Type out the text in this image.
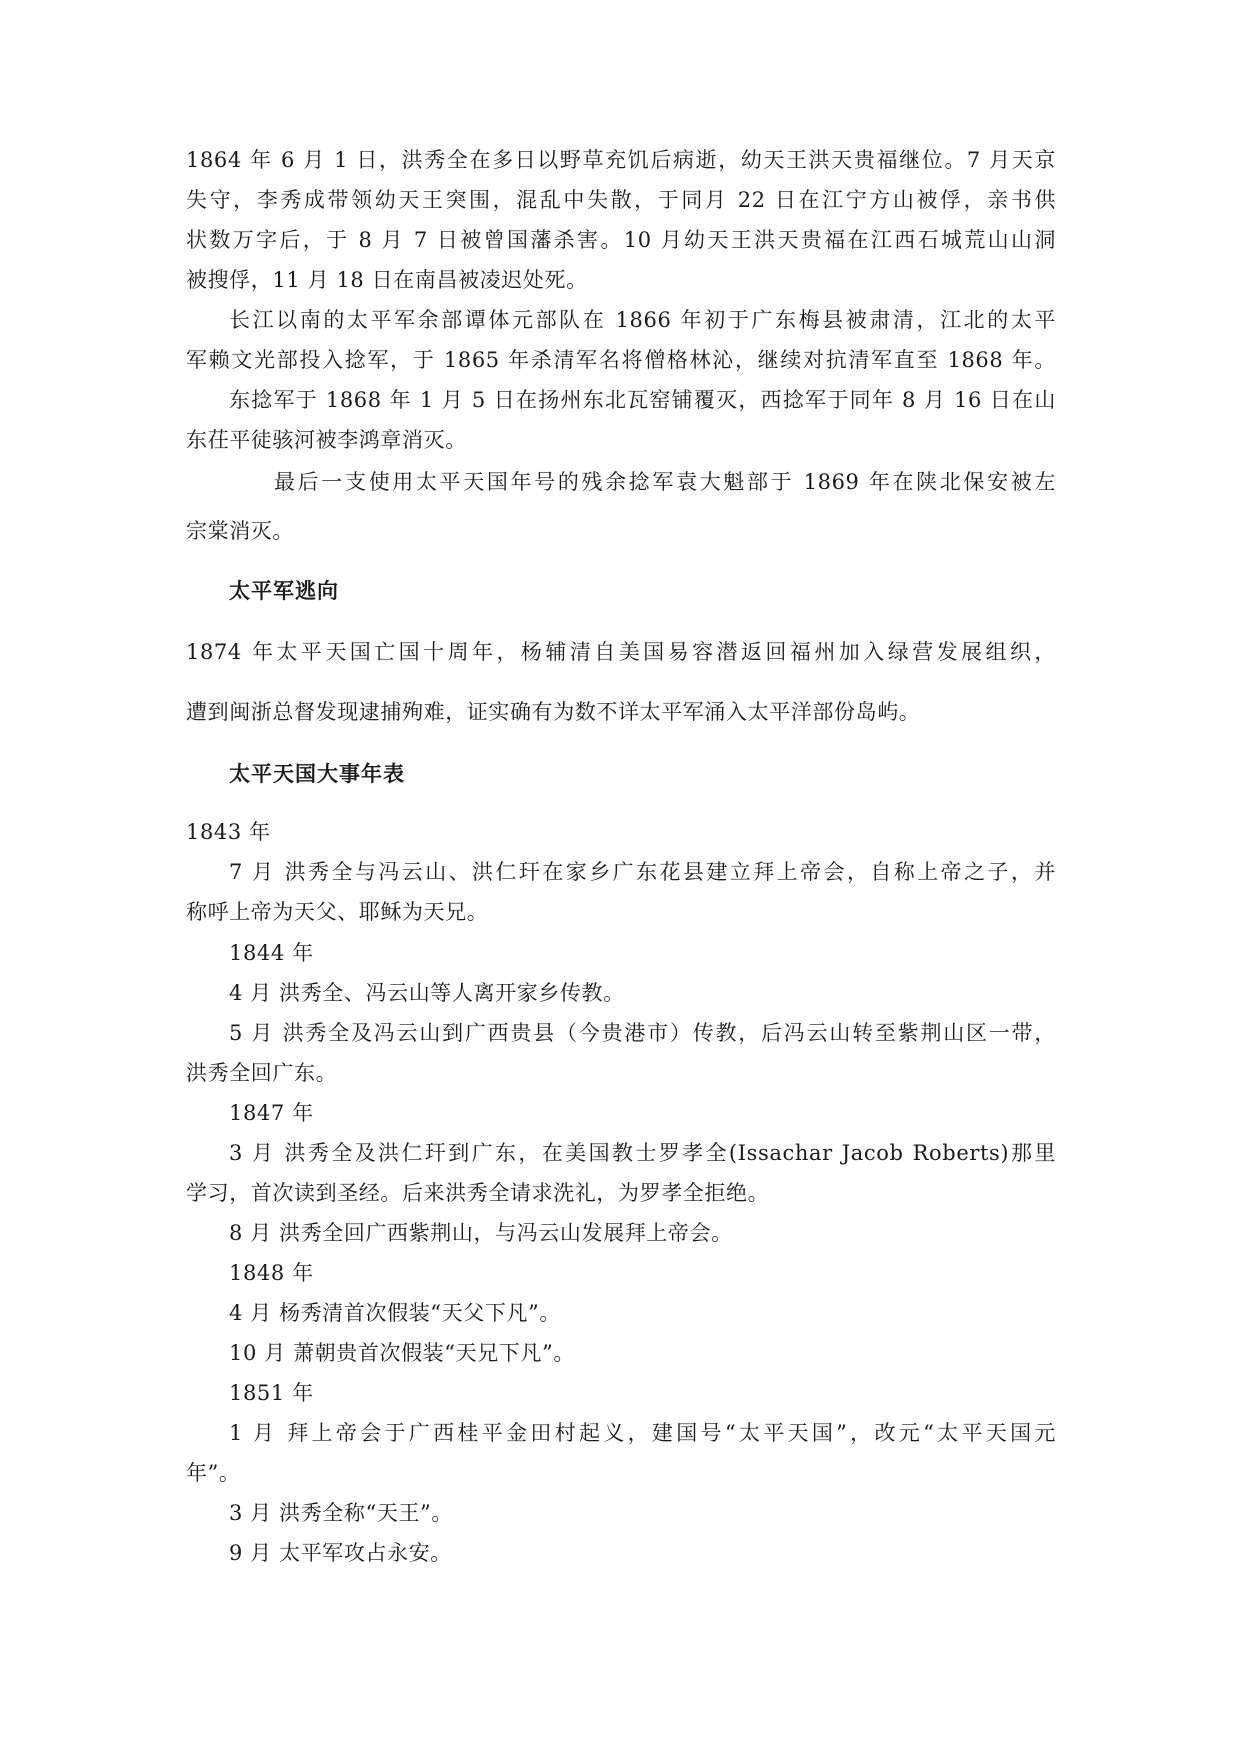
1864 年 6 月 1 日，洪秀全在多日以野草充饥后病逝，幼天王洪天贵福继位。7 月天京
失守，李秀成带领幼天王突围，混乱中失散，于同月 22 日在江宁方山被俘，亲书供
状数万字后，于 8 月 7 日被曾国藩杀害。10 月幼天王洪天贵福在江西石城荒山山洞
被搜俘，11 月 18 日在南昌被凌迟处死。
长江以南的太平军余部谭体元部队在 1866 年初于广东梅县被肃清，江北的太平
军赖文光部投入捻军，于 1865 年杀清军名将僧格林沁，继续对抗清军直至 1868 年。
东捻军于 1868 年 1 月 5 日在扬州东北瓦窑铺覆灭，西捻军于同年 8 月 16 日在山
东茌平徒骇河被李鸿章消灭。
最后一支使用太平天国年号的残余捻军袁大魁部于 1869 年在陕北保安被左
宗棠消灭。
太平军逃向
1874 年太平天国亡国十周年，杨辅清自美国易容潜返回福州加入绿营发展组织，
遭到闽浙总督发现逮捕殉难，证实确有为数不详太平军涌入太平洋部份岛屿。
太平天国大事年表
1843 年
7 月 洪秀全与冯云山、洪仁玕在家乡广东花县建立拜上帝会，自称上帝之子，并
称呼上帝为天父、耶稣为天兄。
1844 年
4 月 洪秀全、冯云山等人离开家乡传教。
5 月 洪秀全及冯云山到广西贵县（今贵港市）传教，后冯云山转至紫荆山区一带，
洪秀全回广东。
1847 年
3 月 洪秀全及洪仁玕到广东，在美国教士罗孝全(Issachar Jacob Roberts)那里
学习，首次读到圣经。后来洪秀全请求洗礼，为罗孝全拒绝。
8 月 洪秀全回广西紫荆山，与冯云山发展拜上帝会。
1848 年
4 月 杨秀清首次假装“天父下凡”。
10 月 萧朝贵首次假装“天兄下凡”。
1851 年
1 月 拜上帝会于广西桂平金田村起义，建国号“太平天国”，改元“太平天国元
年”。
3 月 洪秀全称“天王”。
9 月 太平军攻占永安。
